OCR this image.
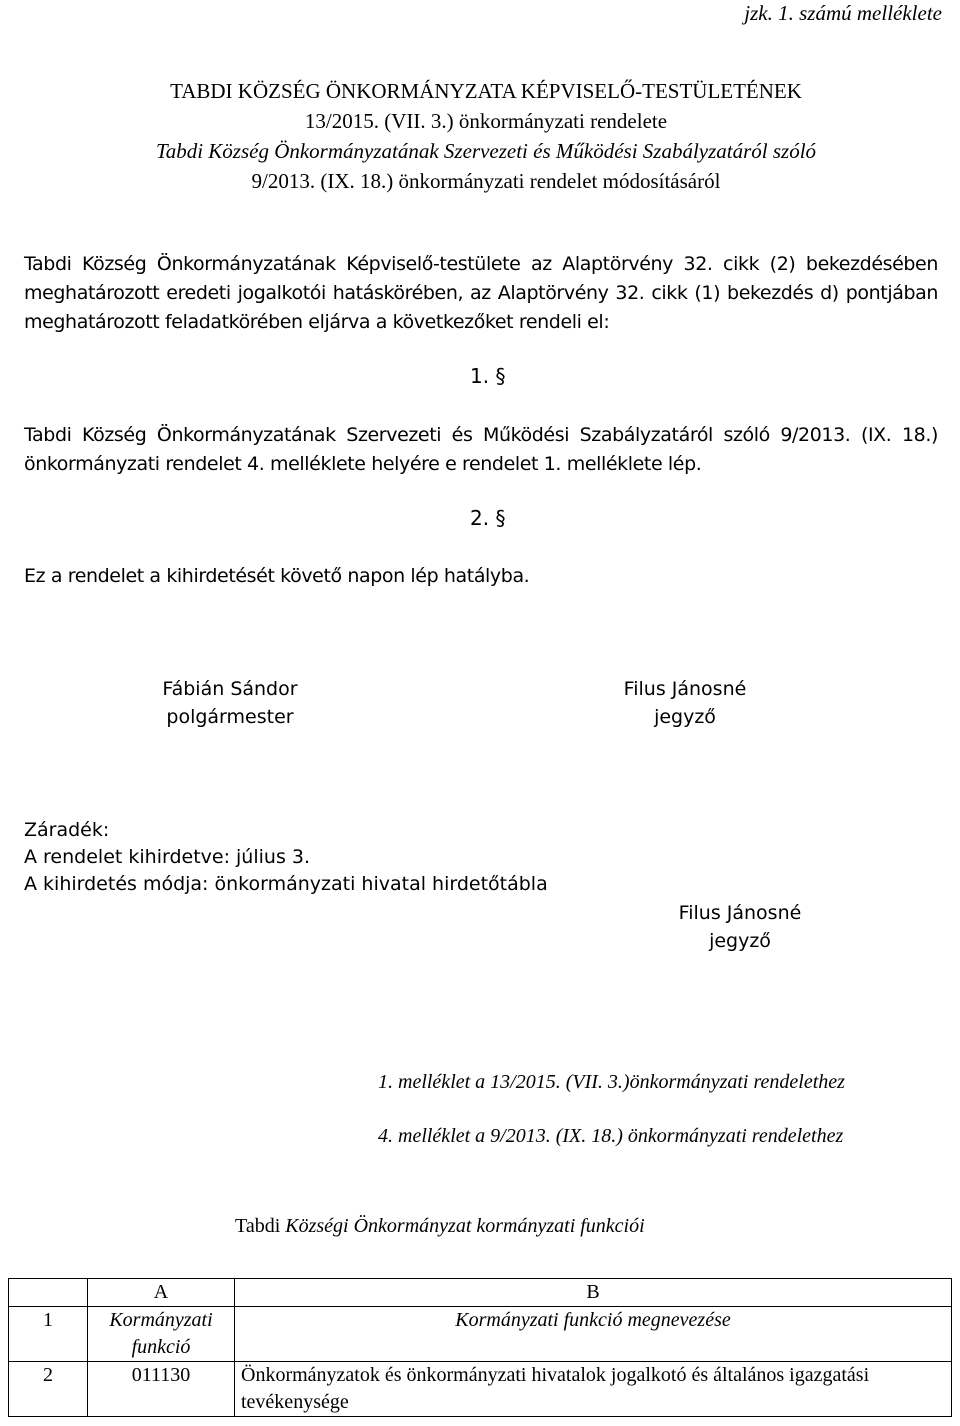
jzk. 1. számú melléklete
TABDI KÖZSÉG ÖNKORMÁNYZATA KÉPVISELŐ-TESTÜLETÉNEK
13/2015. (VII. 3.) önkormányzati rendelete
Tabdi Község Önkormányzatának Szervezeti és Működési Szabályzatáról szóló
9/2013. (IX. 18.) önkormányzati rendelet módosításáról
Tabdi Község Önkormányzatának Képviselő-testülete az Alaptörvény 32. cikk (2) bekezdésében meghatározott eredeti jogalkotói hatáskörében, az Alaptörvény 32. cikk (1) bekezdés d) pontjában meghatározott feladatkörében eljárva a következőket rendeli el:
1. §
Tabdi Község Önkormányzatának Szervezeti és Működési Szabályzatáról szóló 9/2013. (IX. 18.) önkormányzati rendelet 4. melléklete helyére e rendelet 1. melléklete lép.
2. §
Ez a rendelet a kihirdetését követő napon lép hatályba.
Fábián Sándor
polgármester
Filus Jánosné
jegyző
Záradék:
A rendelet kihirdetve: július 3.
A kihirdetés módja: önkormányzati hivatal hirdetőtábla
Filus Jánosné
jegyző
1. melléklet a 13/2015. (VII. 3.)önkormányzati rendelethez
4. melléklet a 9/2013. (IX. 18.) önkormányzati rendelethez
Tabdi Községi Önkormányzat kormányzati funkciói
	A	B
1	Kormányzati funkció	Kormányzati funkció megnevezése
2	011130	Önkormányzatok és önkormányzati hivatalok jogalkotó és általános igazgatási tevékenysége
